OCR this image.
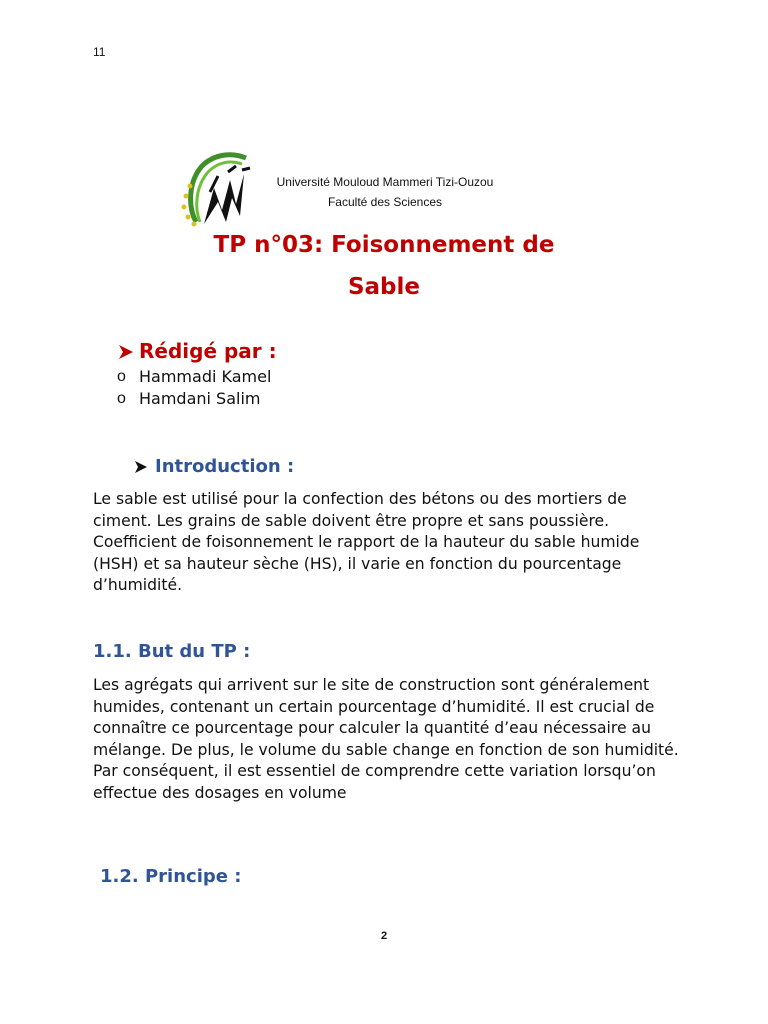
11
Université Mouloud Mammeri Tizi-Ouzou
Faculté des Sciences
TP n°03: Foisonnement de
Sable
Rédigé par :
o Hammadi Kamel
o Hamdani Salim
Introduction :
Le sable est utilisé pour la confection des bétons ou des mortiers de ciment. Les grains de sable doivent être propre et sans poussière. Coefficient de foisonnement le rapport de la hauteur du sable humide (HSH) et sa hauteur sèche (HS), il varie en fonction du pourcentage d’humidité.
1.1. But du TP :
Les agrégats qui arrivent sur le site de construction sont généralement humides, contenant un certain pourcentage d’humidité. Il est crucial de connaître ce pourcentage pour calculer la quantité d’eau nécessaire au mélange. De plus, le volume du sable change en fonction de son humidité. Par conséquent, il est essentiel de comprendre cette variation lorsqu’on effectue des dosages en volume
1.2. Principe :
2
